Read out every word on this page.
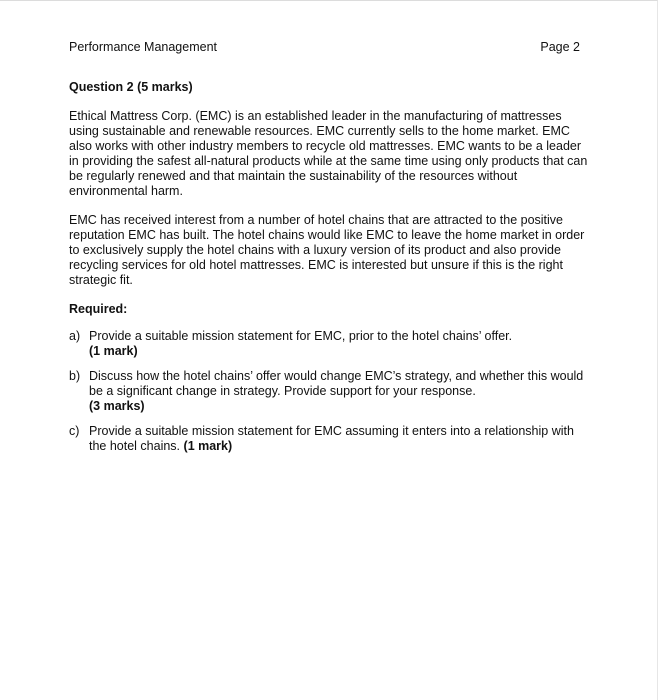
Performance Management	Page 2
Question 2 (5 marks)
Ethical Mattress Corp. (EMC) is an established leader in the manufacturing of mattresses using sustainable and renewable resources. EMC currently sells to the home market. EMC also works with other industry members to recycle old mattresses. EMC wants to be a leader in providing the safest all-natural products while at the same time using only products that can be regularly renewed and that maintain the sustainability of the resources without environmental harm.
EMC has received interest from a number of hotel chains that are attracted to the positive reputation EMC has built. The hotel chains would like EMC to leave the home market in order to exclusively supply the hotel chains with a luxury version of its product and also provide recycling services for old hotel mattresses. EMC is interested but unsure if this is the right strategic fit.
Required:
a) Provide a suitable mission statement for EMC, prior to the hotel chains’ offer.
(1 mark)
b) Discuss how the hotel chains’ offer would change EMC’s strategy, and whether this would be a significant change in strategy. Provide support for your response.
(3 marks)
c) Provide a suitable mission statement for EMC assuming it enters into a relationship with the hotel chains. (1 mark)
